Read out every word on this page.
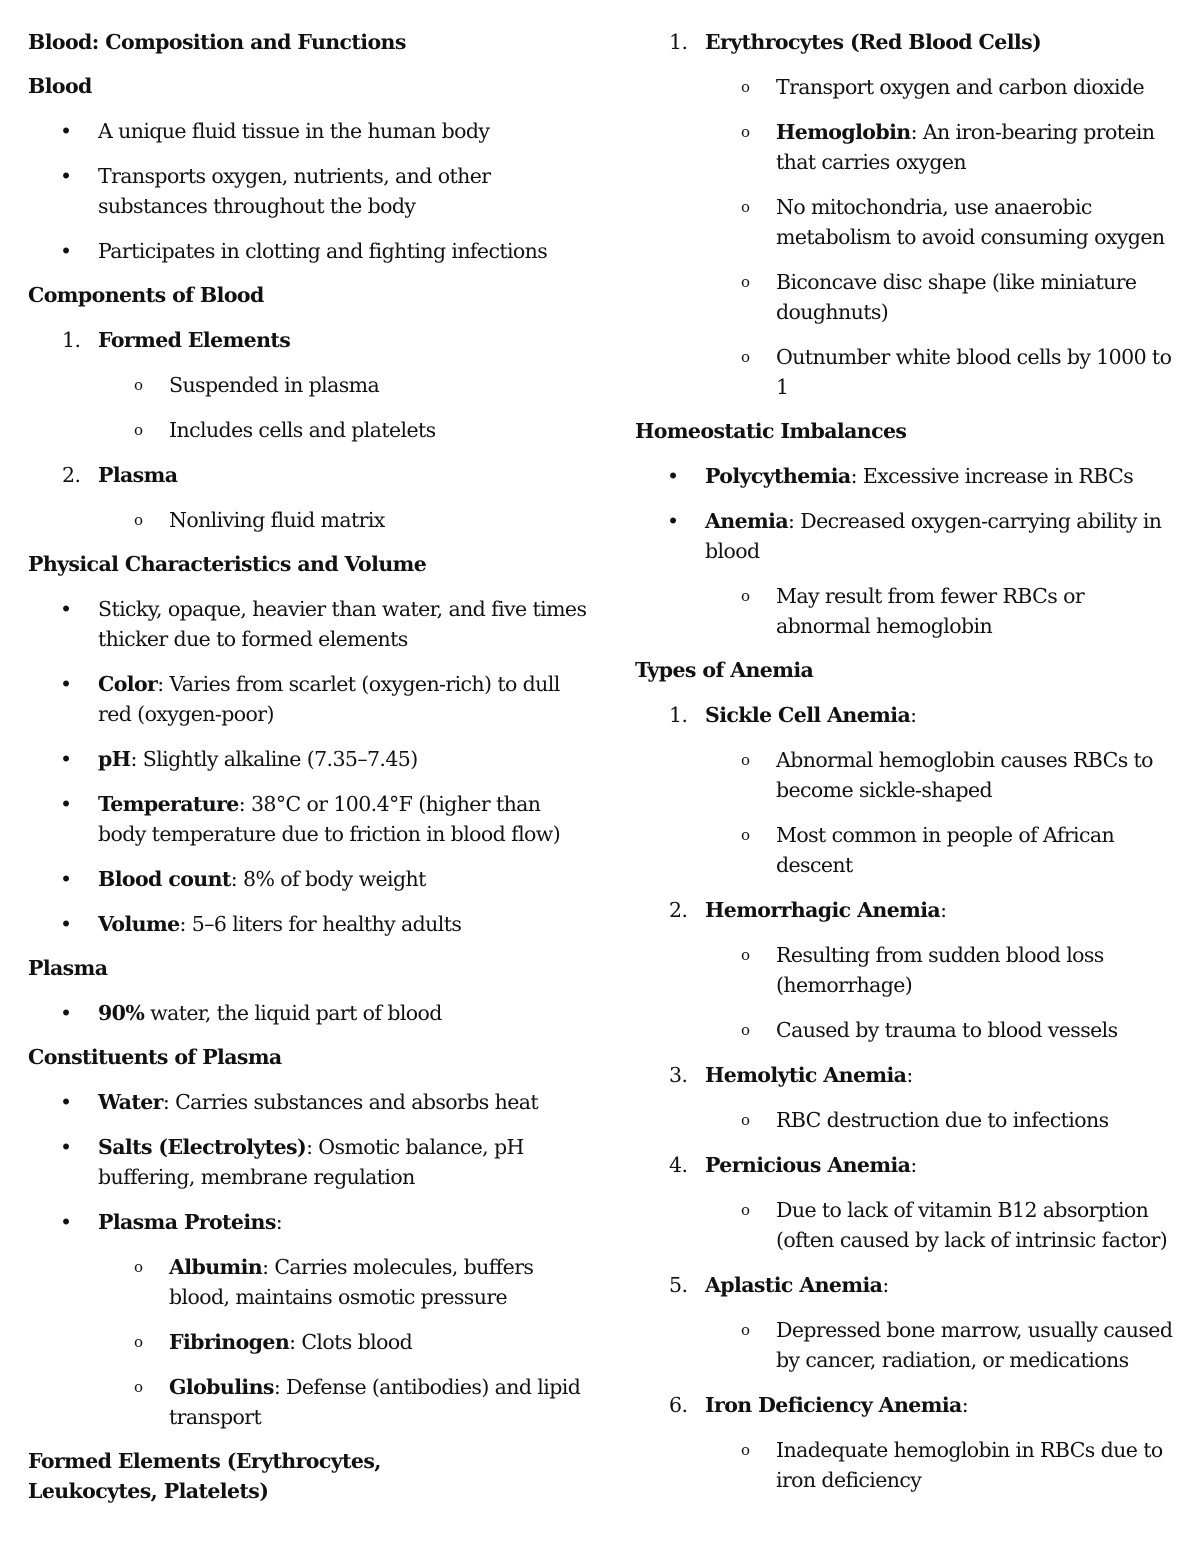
Blood: Composition and Functions

Blood

• A unique fluid tissue in the human body
• Transports oxygen, nutrients, and other substances throughout the body
• Participates in clotting and fighting infections

Components of Blood

1. Formed Elements
o Suspended in plasma
o Includes cells and platelets
2. Plasma
o Nonliving fluid matrix

Physical Characteristics and Volume

• Sticky, opaque, heavier than water, and five times thicker due to formed elements
• Color: Varies from scarlet (oxygen-rich) to dull red (oxygen-poor)
• pH: Slightly alkaline (7.35–7.45)
• Temperature: 38°C or 100.4°F (higher than body temperature due to friction in blood flow)
• Blood count: 8% of body weight
• Volume: 5–6 liters for healthy adults

Plasma

• 90% water, the liquid part of blood

Constituents of Plasma

• Water: Carries substances and absorbs heat
• Salts (Electrolytes): Osmotic balance, pH buffering, membrane regulation
• Plasma Proteins:
o Albumin: Carries molecules, buffers blood, maintains osmotic pressure
o Fibrinogen: Clots blood
o Globulins: Defense (antibodies) and lipid transport

Formed Elements (Erythrocytes, Leukocytes, Platelets)

1. Erythrocytes (Red Blood Cells)
o Transport oxygen and carbon dioxide
o Hemoglobin: An iron-bearing protein that carries oxygen
o No mitochondria, use anaerobic metabolism to avoid consuming oxygen
o Biconcave disc shape (like miniature doughnuts)
o Outnumber white blood cells by 1000 to 1

Homeostatic Imbalances

• Polycythemia: Excessive increase in RBCs
• Anemia: Decreased oxygen-carrying ability in blood
o May result from fewer RBCs or abnormal hemoglobin

Types of Anemia

1. Sickle Cell Anemia:
o Abnormal hemoglobin causes RBCs to become sickle-shaped
o Most common in people of African descent
2. Hemorrhagic Anemia:
o Resulting from sudden blood loss (hemorrhage)
o Caused by trauma to blood vessels
3. Hemolytic Anemia:
o RBC destruction due to infections
4. Pernicious Anemia:
o Due to lack of vitamin B12 absorption (often caused by lack of intrinsic factor)
5. Aplastic Anemia:
o Depressed bone marrow, usually caused by cancer, radiation, or medications
6. Iron Deficiency Anemia:
o Inadequate hemoglobin in RBCs due to iron deficiency
